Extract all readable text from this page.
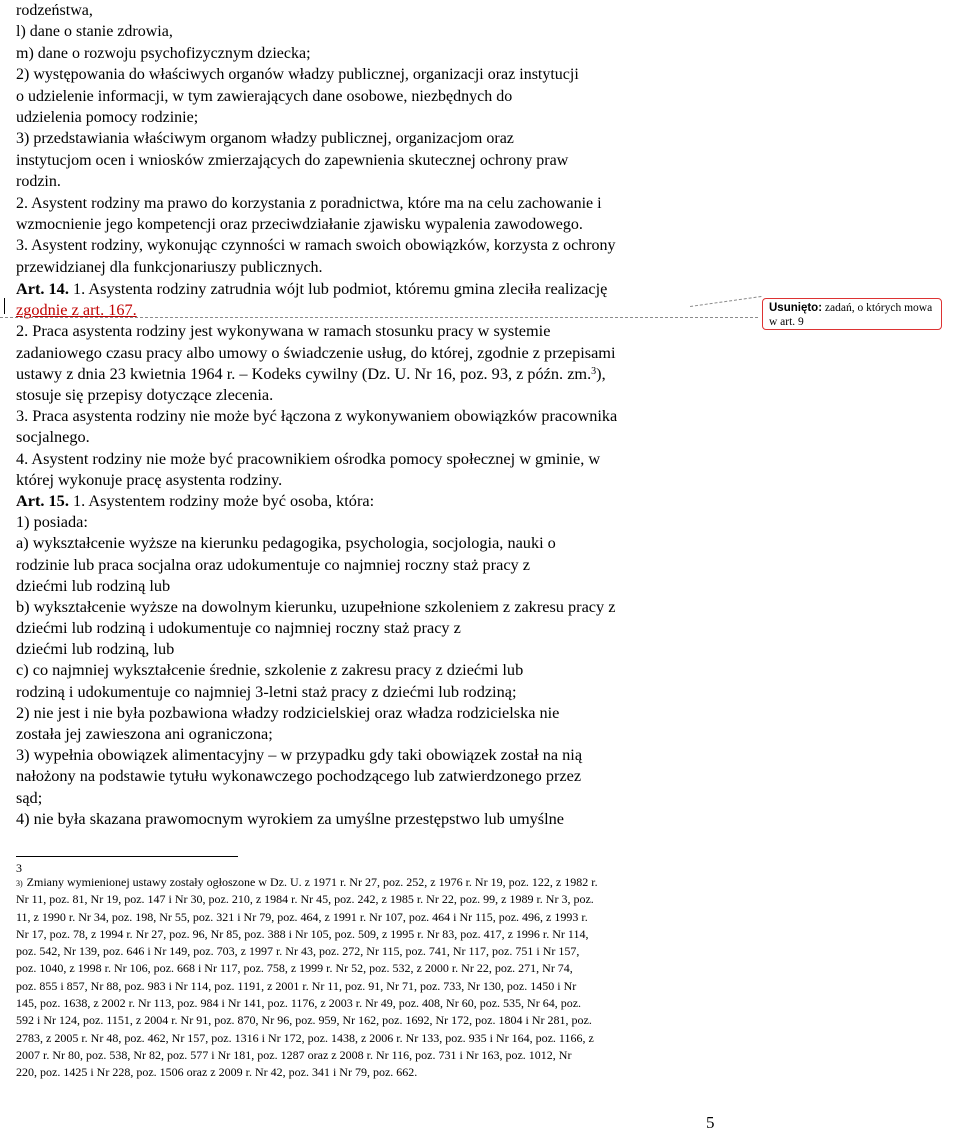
rodzeństwa,
l) dane o stanie zdrowia,
m) dane o rozwoju psychofizycznym dziecka;
2) występowania do właściwych organów władzy publicznej, organizacji oraz instytucji
o udzielenie informacji, w tym zawierających dane osobowe, niezbędnych do
udzielenia pomocy rodzinie;
3) przedstawiania właściwym organom władzy publicznej, organizacjom oraz
instytucjom ocen i wniosków zmierzających do zapewnienia skutecznej ochrony praw
rodzin.
2. Asystent rodziny ma prawo do korzystania z poradnictwa, które ma na celu zachowanie i
wzmocnienie jego kompetencji oraz przeciwdziałanie zjawisku wypalenia zawodowego.
3. Asystent rodziny, wykonując czynności w ramach swoich obowiązków, korzysta z ochrony
przewidzianej dla funkcjonariuszy publicznych.
Art. 14. 1. Asystenta rodziny zatrudnia wójt lub podmiot, któremu gmina zleciła realizację
zgodnie z art. 167.
2. Praca asystenta rodziny jest wykonywana w ramach stosunku pracy w systemie
zadaniowego czasu pracy albo umowy o świadczenie usług, do której, zgodnie z przepisami
ustawy z dnia 23 kwietnia 1964 r. – Kodeks cywilny (Dz. U. Nr 16, poz. 93, z późn. zm.$^3$),
stosuje się przepisy dotyczące zlecenia.
3. Praca asystenta rodziny nie może być łączona z wykonywaniem obowiązków pracownika
socjalnego.
4. Asystent rodziny nie może być pracownikiem ośrodka pomocy społecznej w gminie, w
której wykonuje pracę asystenta rodziny.
Art. 15. 1. Asystentem rodziny może być osoba, która:
1) posiada:
a) wykształcenie wyższe na kierunku pedagogika, psychologia, socjologia, nauki o
rodzinie lub praca socjalna oraz udokumentuje co najmniej roczny staż pracy z
dziećmi lub rodziną lub
b) wykształcenie wyższe na dowolnym kierunku, uzupełnione szkoleniem z zakresu pracy z
dziećmi lub rodziną i udokumentuje co najmniej roczny staż pracy z
dziećmi lub rodziną, lub
c) co najmniej wykształcenie średnie, szkolenie z zakresu pracy z dziećmi lub
rodziną i udokumentuje co najmniej 3-letni staż pracy z dziećmi lub rodziną;
2) nie jest i nie była pozbawiona władzy rodzicielskiej oraz władza rodzicielska nie
została jej zawieszona ani ograniczona;
3) wypełnia obowiązek alimentacyjny – w przypadku gdy taki obowiązek został na nią
nałożony na podstawie tytułu wykonawczego pochodzącego lub zatwierdzonego przez
sąd;
4) nie była skazana prawomocnym wyrokiem za umyślne przestępstwo lub umyślne
Usunięto: zadań, o których mowa w art. 9
3
3) Zmiany wymienionej ustawy zostały ogłoszone w Dz. U. z 1971 r. Nr 27, poz. 252, z 1976 r. Nr 19, poz. 122, z 1982 r.
Nr 11, poz. 81, Nr 19, poz. 147 i Nr 30, poz. 210, z 1984 r. Nr 45, poz. 242, z 1985 r. Nr 22, poz. 99, z 1989 r. Nr 3, poz.
11, z 1990 r. Nr 34, poz. 198, Nr 55, poz. 321 i Nr 79, poz. 464, z 1991 r. Nr 107, poz. 464 i Nr 115, poz. 496, z 1993 r.
Nr 17, poz. 78, z 1994 r. Nr 27, poz. 96, Nr 85, poz. 388 i Nr 105, poz. 509, z 1995 r. Nr 83, poz. 417, z 1996 r. Nr 114,
poz. 542, Nr 139, poz. 646 i Nr 149, poz. 703, z 1997 r. Nr 43, poz. 272, Nr 115, poz. 741, Nr 117, poz. 751 i Nr 157,
poz. 1040, z 1998 r. Nr 106, poz. 668 i Nr 117, poz. 758, z 1999 r. Nr 52, poz. 532, z 2000 r. Nr 22, poz. 271, Nr 74,
poz. 855 i 857, Nr 88, poz. 983 i Nr 114, poz. 1191, z 2001 r. Nr 11, poz. 91, Nr 71, poz. 733, Nr 130, poz. 1450 i Nr
145, poz. 1638, z 2002 r. Nr 113, poz. 984 i Nr 141, poz. 1176, z 2003 r. Nr 49, poz. 408, Nr 60, poz. 535, Nr 64, poz.
592 i Nr 124, poz. 1151, z 2004 r. Nr 91, poz. 870, Nr 96, poz. 959, Nr 162, poz. 1692, Nr 172, poz. 1804 i Nr 281, poz.
2783, z 2005 r. Nr 48, poz. 462, Nr 157, poz. 1316 i Nr 172, poz. 1438, z 2006 r. Nr 133, poz. 935 i Nr 164, poz. 1166, z
2007 r. Nr 80, poz. 538, Nr 82, poz. 577 i Nr 181, poz. 1287 oraz z 2008 r. Nr 116, poz. 731 i Nr 163, poz. 1012, Nr
220, poz. 1425 i Nr 228, poz. 1506 oraz z 2009 r. Nr 42, poz. 341 i Nr 79, poz. 662.
5
